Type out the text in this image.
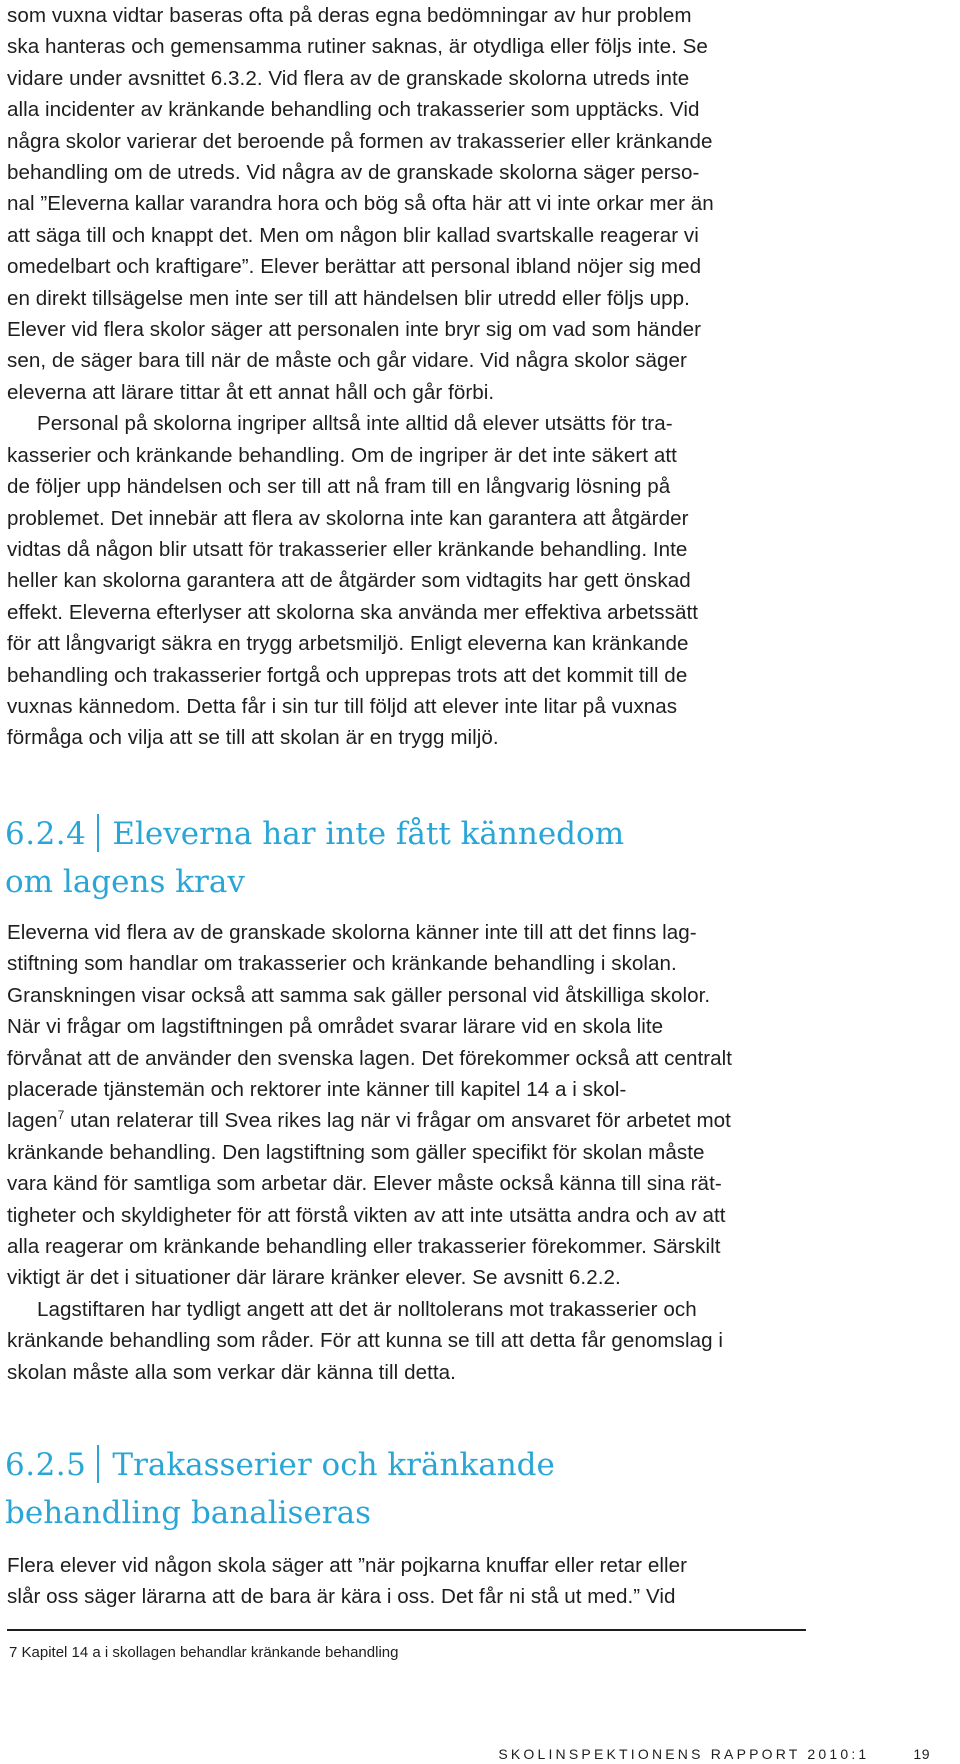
som vuxna vidtar baseras ofta på deras egna bedömningar av hur problem
ska hanteras och gemensamma rutiner saknas, är otydliga eller följs inte. Se
vidare under avsnittet 6.3.2. Vid flera av de granskade skolorna utreds inte
alla incidenter av kränkande behandling och trakasserier som upptäcks. Vid
några skolor varierar det beroende på formen av trakasserier eller kränkande
behandling om de utreds. Vid några av de granskade skolorna säger perso-
nal ”Eleverna kallar varandra hora och bög så ofta här att vi inte orkar mer än
att säga till och knappt det. Men om någon blir kallad svartskalle reagerar vi
omedelbart och kraftigare”. Elever berättar att personal ibland nöjer sig med
en direkt tillsägelse men inte ser till att händelsen blir utredd eller följs upp.
Elever vid flera skolor säger att personalen inte bryr sig om vad som händer
sen, de säger bara till när de måste och går vidare. Vid några skolor säger
eleverna att lärare tittar åt ett annat håll och går förbi.
Personal på skolorna ingriper alltså inte alltid då elever utsätts för tra-
kasserier och kränkande behandling. Om de ingriper är det inte säkert att
de följer upp händelsen och ser till att nå fram till en långvarig lösning på
problemet. Det innebär att flera av skolorna inte kan garantera att åtgärder
vidtas då någon blir utsatt för trakasserier eller kränkande behandling. Inte
heller kan skolorna garantera att de åtgärder som vidtagits har gett önskad
effekt. Eleverna efterlyser att skolorna ska använda mer effektiva arbetssätt
för att långvarigt säkra en trygg arbetsmiljö. Enligt eleverna kan kränkande
behandling och trakasserier fortgå och upprepas trots att det kommit till de
vuxnas kännedom. Detta får i sin tur till följd att elever inte litar på vuxnas
förmåga och vilja att se till att skolan är en trygg miljö.
6.2.4 Eleverna har inte fått kännedom
om lagens krav
Eleverna vid flera av de granskade skolorna känner inte till att det finns lag-
stiftning som handlar om trakasserier och kränkande behandling i skolan.
Granskningen visar också att samma sak gäller personal vid åtskilliga skolor.
När vi frågar om lagstiftningen på området svarar lärare vid en skola lite
förvånat att de använder den svenska lagen. Det förekommer också att centralt
placerade tjänstemän och rektorer inte känner till kapitel 14 a i skol-
lagen$^7$ utan relaterar till Svea rikes lag när vi frågar om ansvaret för arbetet mot
kränkande behandling. Den lagstiftning som gäller specifikt för skolan måste
vara känd för samtliga som arbetar där. Elever måste också känna till sina rät-
tigheter och skyldigheter för att förstå vikten av att inte utsätta andra och av att
alla reagerar om kränkande behandling eller trakasserier förekommer. Särskilt
viktigt är det i situationer där lärare kränker elever. Se avsnitt 6.2.2.
Lagstiftaren har tydligt angett att det är nolltolerans mot trakasserier och
kränkande behandling som råder. För att kunna se till att detta får genomslag i
skolan måste alla som verkar där känna till detta.
6.2.5 Trakasserier och kränkande
behandling banaliseras
Flera elever vid någon skola säger att ”när pojkarna knuffar eller retar eller
slår oss säger lärarna att de bara är kära i oss. Det får ni stå ut med.” Vid
7 Kapitel 14 a i skollagen behandlar kränkande behandling
SKOLINSPEKTIONENS RAPPORT 2010:1	19
